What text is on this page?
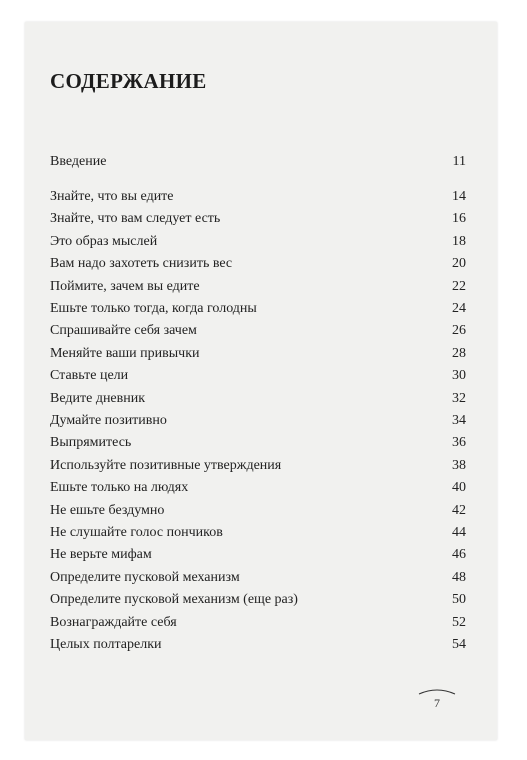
СОДЕРЖАНИЕ
Введение	11
Знайте, что вы едите	14
Знайте, что вам следует есть	16
Это образ мыслей	18
Вам надо захотеть снизить вес	20
Поймите, зачем вы едите	22
Ешьте только тогда, когда голодны	24
Спрашивайте себя зачем	26
Меняйте ваши привычки	28
Ставьте цели	30
Ведите дневник	32
Думайте позитивно	34
Выпрямитесь	36
Используйте позитивные утверждения	38
Ешьте только на людях	40
Не ешьте бездумно	42
Не слушайте голос пончиков	44
Не верьте мифам	46
Определите пусковой механизм	48
Определите пусковой механизм (еще раз)	50
Вознаграждайте себя	52
Целых полтарелки	54
7
